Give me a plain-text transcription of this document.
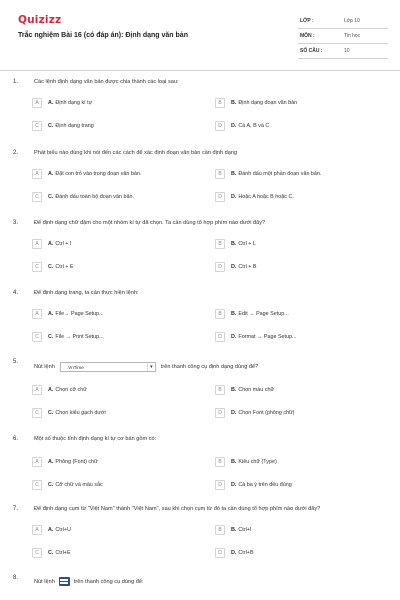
Quizizz
Trắc nghiệm Bài 16 (có đáp án): Định dạng văn bản
LỚP :	Lớp 10
MÔN :	Tin học
SỐ CÂU :	10
1.	Các lệnh định dạng văn bản được chia thành các loại sau:
A	A. Định dạng kí tự	B	B. Định dạng đoạn văn bản
C	C. Định dạng trang	D	D. Cả A, B và C
2.	Phát biểu nào đúng khi nói đến các cách để xác định đoạn văn bản cần định dạng
A	A. Đặt con trỏ vào trong đoạn văn bản.	B	B. Đánh dấu một phần đoạn văn bản.
C	C. Đánh dấu toàn bộ đoạn văn bản.	D	D. Hoặc A hoặc B hoặc C.
3.	Để định dạng chữ đậm cho một nhóm kí tự đã chọn. Ta cần dùng tổ hợp phím nào dưới đây?
A	A. Ctrl + I	B	B. Ctrl + L
C	C. Ctrl + E	D	D. Ctrl + B
4.	Để định dạng trang, ta cần thực hiện lệnh:
A	A. File→ Page Setup...	B	B. Edit → Page Setup...
C	C. File → Print Setup...	D	D. Format → Page Setup...
5.
Nút lệnh	.VnTime	▾	trên thanh công cụ định dạng dùng để?
A	A. Chọn cỡ chữ	B	B. Chọn màu chữ
C	C. Chọn kiểu gạch dưới	D	D. Chọn Font (phông chữ)
6.	Một số thuộc tính định dạng kí tự cơ bản gồm có:
A	A. Phông (Font) chữ	B	B. Kiểu chữ (Type)
C	C. Cỡ chữ và màu sắc	D	D. Cả ba ý trên đều đúng
7.	Để định dạng cụm từ "Việt Nam" thành "Việt Nam", sau khi chọn cụm từ đó ta cần dùng tổ hợp phím nào dưới đây?
A	A. Ctrl+U	B	B. Ctrl+I
C	C. Ctrl+E	D	D. Ctrl+B
8.
Nút lệnh	trên thanh công cụ dùng để:
